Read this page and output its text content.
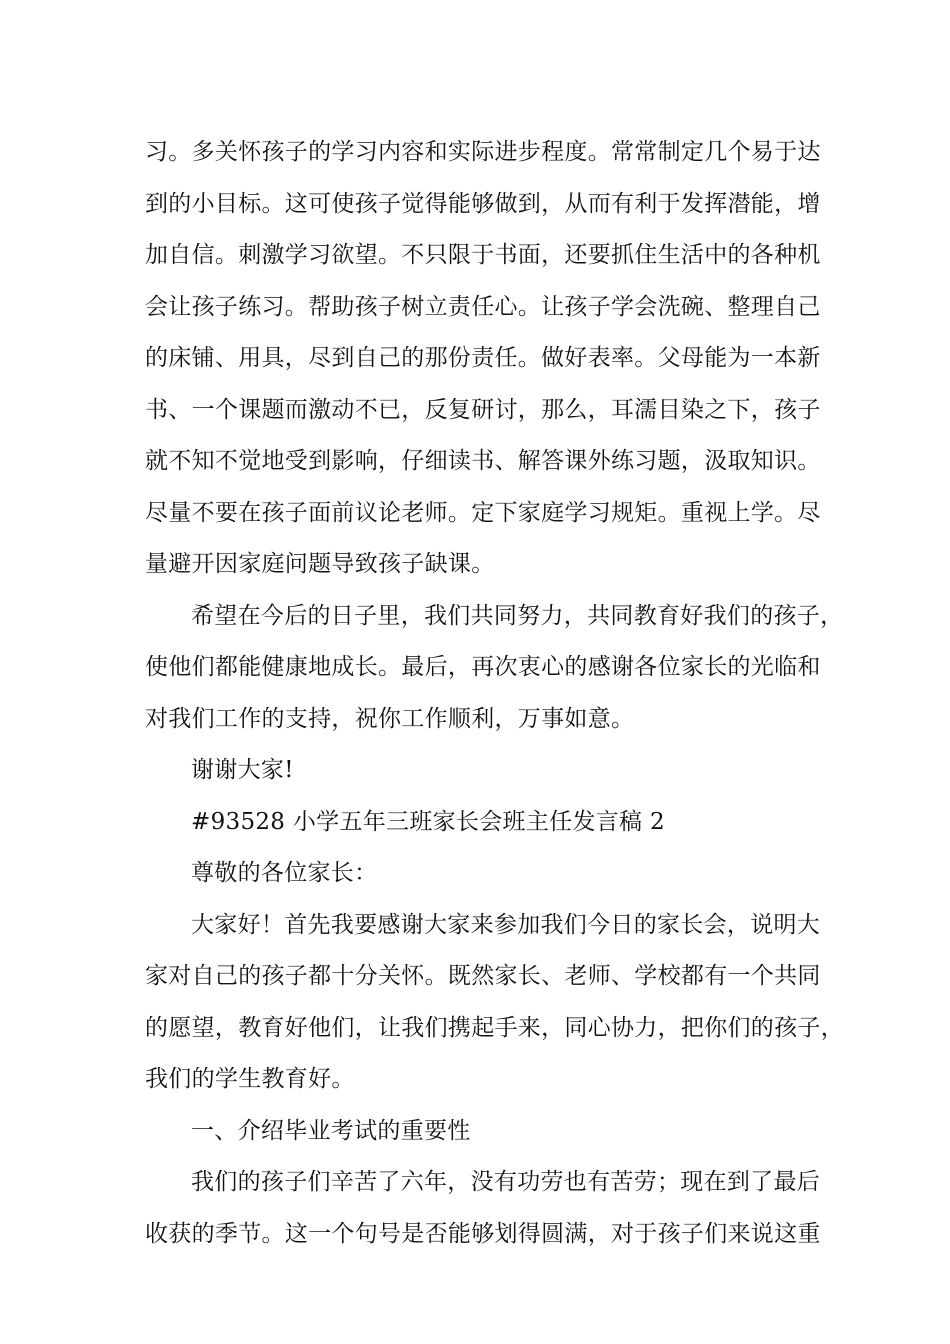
习。多关怀孩子的学习内容和实际进步程度。常常制定几个易于达
到的小目标。这可使孩子觉得能够做到，从而有利于发挥潜能，增
加自信。刺激学习欲望。不只限于书面，还要抓住生活中的各种机
会让孩子练习。帮助孩子树立责任心。让孩子学会洗碗、整理自己
的床铺、用具，尽到自己的那份责任。做好表率。父母能为一本新
书、一个课题而激动不已，反复研讨，那么，耳濡目染之下，孩子
就不知不觉地受到影响，仔细读书、解答课外练习题，汲取知识。
尽量不要在孩子面前议论老师。定下家庭学习规矩。重视上学。尽
量避开因家庭问题导致孩子缺课。
希望在今后的日子里，我们共同努力，共同教育好我们的孩子，
使他们都能健康地成长。最后，再次衷心的感谢各位家长的光临和
对我们工作的支持，祝你工作顺利，万事如意。
谢谢大家!
#93528 小学五年三班家长会班主任发言稿 2
尊敬的各位家长：
大家好！首先我要感谢大家来参加我们今日的家长会，说明大
家对自己的孩子都十分关怀。既然家长、老师、学校都有一个共同
的愿望，教育好他们，让我们携起手来，同心协力，把你们的孩子，
我们的学生教育好。
一、介绍毕业考试的重要性
我们的孩子们辛苦了六年，没有功劳也有苦劳；现在到了最后
收获的季节。这一个句号是否能够划得圆满，对于孩子们来说这重
